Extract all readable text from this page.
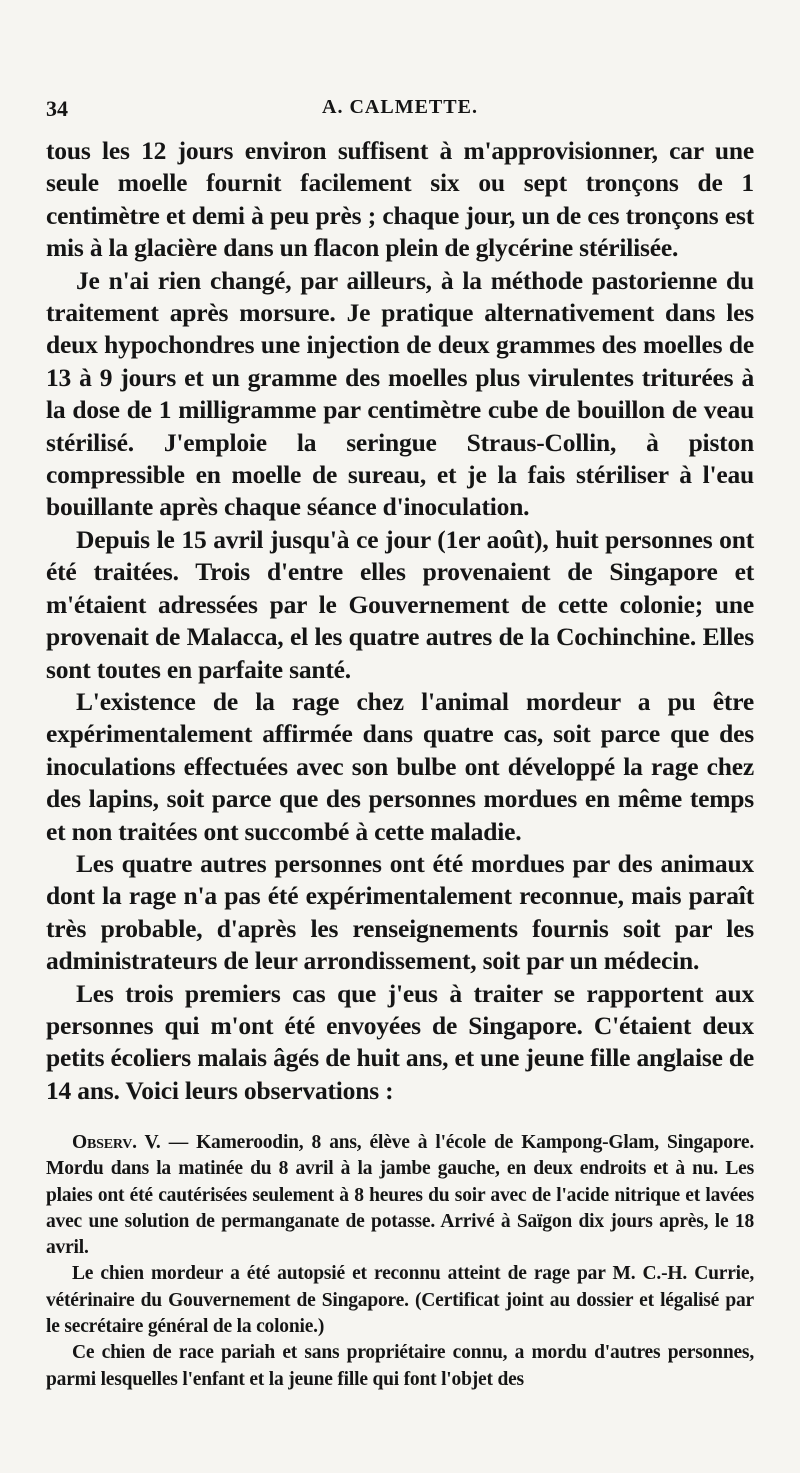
34	A. CALMETTE.

tous les 12 jours environ suffisent à m'approvisionner, car une seule moelle fournit facilement six ou sept tronçons de 1 centimètre et demi à peu près ; chaque jour, un de ces tronçons est mis à la glacière dans un flacon plein de glycérine stérilisée.

Je n'ai rien changé, par ailleurs, à la méthode pastorienne du traitement après morsure. Je pratique alternativement dans les deux hypochondres une injection de deux grammes des moelles de 13 à 9 jours et un gramme des moelles plus virulentes triturées à la dose de 1 milligramme par centimètre cube de bouillon de veau stérilisé. J'emploie la seringue Straus-Collin, à piston compressible en moelle de sureau, et je la fais stériliser à l'eau bouillante après chaque séance d'inoculation.

Depuis le 15 avril jusqu'à ce jour (1er août), huit personnes ont été traitées. Trois d'entre elles provenaient de Singapore et m'étaient adressées par le Gouvernement de cette colonie; une provenait de Malacca, el les quatre autres de la Cochinchine. Elles sont toutes en parfaite santé.

L'existence de la rage chez l'animal mordeur a pu être expérimentalement affirmée dans quatre cas, soit parce que des inoculations effectuées avec son bulbe ont développé la rage chez des lapins, soit parce que des personnes mordues en même temps et non traitées ont succombé à cette maladie.

Les quatre autres personnes ont été mordues par des animaux dont la rage n'a pas été expérimentalement reconnue, mais paraît très probable, d'après les renseignements fournis soit par les administrateurs de leur arrondissement, soit par un médecin.

Les trois premiers cas que j'eus à traiter se rapportent aux personnes qui m'ont été envoyées de Singapore. C'étaient deux petits écoliers malais âgés de huit ans, et une jeune fille anglaise de 14 ans. Voici leurs observations :

Observ. V. — Kameroodin, 8 ans, élève à l'école de Kampong-Glam, Singapore. Mordu dans la matinée du 8 avril à la jambe gauche, en deux endroits et à nu. Les plaies ont été cautérisées seulement à 8 heures du soir avec de l'acide nitrique et lavées avec une solution de permanganate de potasse. Arrivé à Saïgon dix jours après, le 18 avril.

Le chien mordeur a été autopsié et reconnu atteint de rage par M. C.-H. Currie, vétérinaire du Gouvernement de Singapore. (Certificat joint au dossier et légalisé par le secrétaire général de la colonie.)

Ce chien de race pariah et sans propriétaire connu, a mordu d'autres personnes, parmi lesquelles l'enfant et la jeune fille qui font l'objet des
